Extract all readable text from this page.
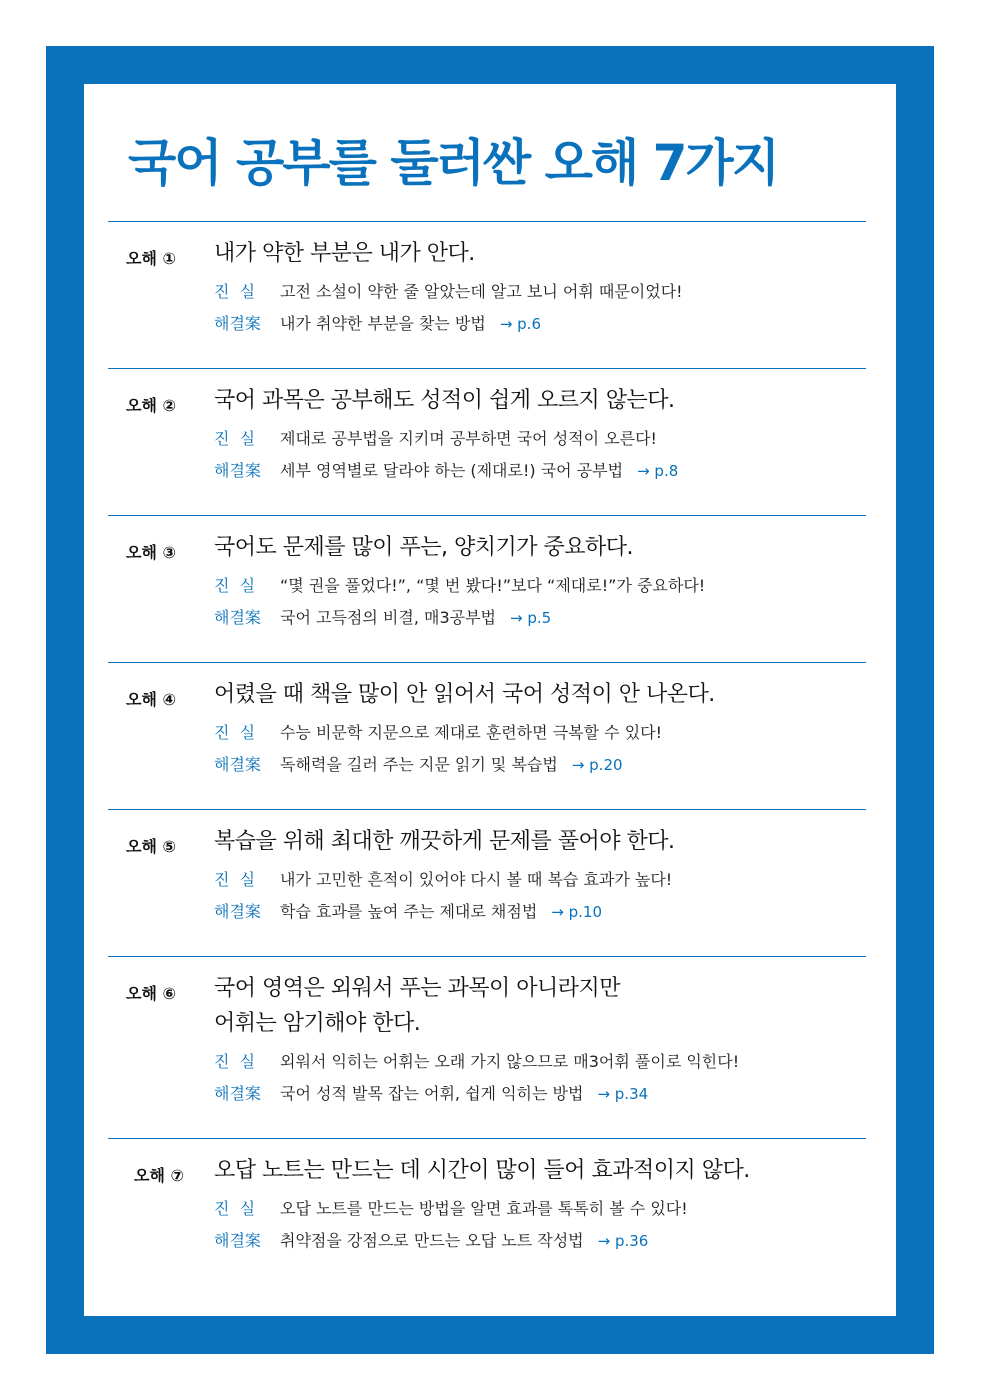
국어 공부를 둘러싼 오해 7가지
오해 ① 내가 약한 부분은 내가 안다.
진  실 고전 소설이 약한 줄 알았는데 알고 보니 어휘 때문이었다!
해결案 내가 취약한 부분을 찾는 방법 → p.6
오해 ② 국어 과목은 공부해도 성적이 쉽게 오르지 않는다.
진  실 제대로 공부법을 지키며 공부하면 국어 성적이 오른다!
해결案 세부 영역별로 달라야 하는 (제대로!) 국어 공부법 → p.8
오해 ③ 국어도 문제를 많이 푸는, 양치기가 중요하다.
진  실 “몇 권을 풀었다!”, “몇 번 봤다!”보다 “제대로!”가 중요하다!
해결案 국어 고득점의 비결, 매3공부법 → p.5
오해 ④ 어렸을 때 책을 많이 안 읽어서 국어 성적이 안 나온다.
진  실 수능 비문학 지문으로 제대로 훈련하면 극복할 수 있다!
해결案 독해력을 길러 주는 지문 읽기 및 복습법 → p.20
오해 ⑤ 복습을 위해 최대한 깨끗하게 문제를 풀어야 한다.
진  실 내가 고민한 흔적이 있어야 다시 볼 때 복습 효과가 높다!
해결案 학습 효과를 높여 주는 제대로 채점법 → p.10
오해 ⑥ 국어 영역은 외워서 푸는 과목이 아니라지만
어휘는 암기해야 한다.
진  실 외워서 익히는 어휘는 오래 가지 않으므로 매3어휘 풀이로 익힌다!
해결案 국어 성적 발목 잡는 어휘, 쉽게 익히는 방법 → p.34
오해 ⑦ 오답 노트는 만드는 데 시간이 많이 들어 효과적이지 않다.
진  실 오답 노트를 만드는 방법을 알면 효과를 톡톡히 볼 수 있다!
해결案 취약점을 강점으로 만드는 오답 노트 작성법 → p.36
